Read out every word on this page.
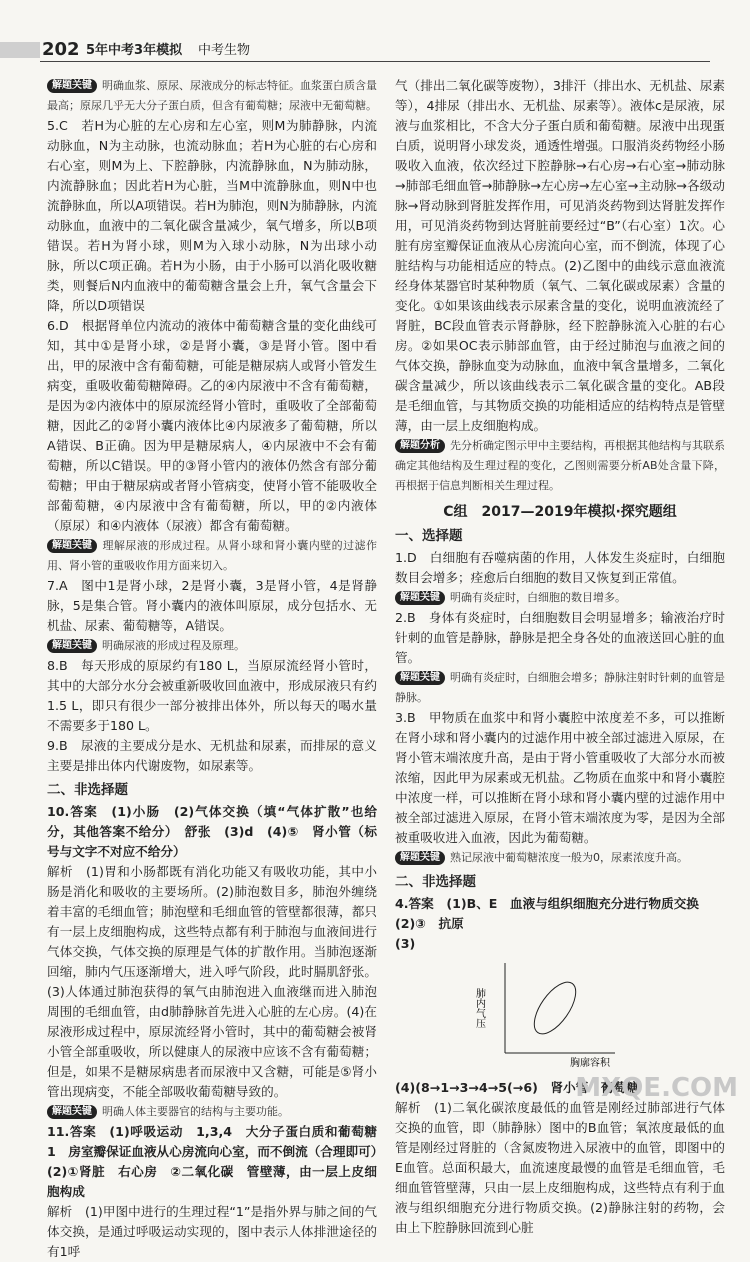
202 5年中考3年模拟 中考生物

解题关键 明确血浆、原尿、尿液成分的标志特征。血浆蛋白质含量最高；原尿几乎无大分子蛋白质，但含有葡萄糖；尿液中无葡萄糖。

5.C　若H为心脏的左心房和左心室，则M为肺静脉，内流动脉血，N为主动脉，也流动脉血；若H为心脏的右心房和右心室，则M为上、下腔静脉，内流静脉血，N为肺动脉，内流静脉血；因此若H为心脏，当M中流静脉血，则N中也流静脉血，所以A项错误。若H为肺泡，则N为肺静脉，内流动脉血，血液中的二氧化碳含量减少，氧气增多，所以B项错误。若H为肾小球，则M为入球小动脉，N为出球小动脉，所以C项正确。若H为小肠，由于小肠可以消化吸收糖类，则餐后N内血液中的葡萄糖含量会上升，氧气含量会下降，所以D项错误

6.D　根据肾单位内流动的液体中葡萄糖含量的变化曲线可知，其中①是肾小球，②是肾小囊，③是肾小管。图中看出，甲的尿液中含有葡萄糖，可能是糖尿病人或肾小管发生病变，重吸收葡萄糖障碍。乙的④内尿液中不含有葡萄糖，是因为②内液体中的原尿流经肾小管时，重吸收了全部葡萄糖，因此乙的②肾小囊内液体比④内尿液多了葡萄糖，所以A错误、B正确。因为甲是糖尿病人，④内尿液中不会有葡萄糖，所以C错误。甲的③肾小管内的液体仍然含有部分葡萄糖；甲由于糖尿病或者肾小管病变，使肾小管不能吸收全部葡萄糖，④内尿液中含有葡萄糖，所以，甲的②内液体（原尿）和④内液体（尿液）都含有葡萄糖。

解题关键 理解尿液的形成过程。从肾小球和肾小囊内壁的过滤作用、肾小管的重吸收作用方面来切入。

7.A　图中1是肾小球，2是肾小囊，3是肾小管，4是肾静脉，5是集合管。肾小囊内的液体叫原尿，成分包括水、无机盐、尿素、葡萄糖等，A错误。

解题关键 明确尿液的形成过程及原理。

8.B　每天形成的原尿约有180 L，当原尿流经肾小管时，其中的大部分水分会被重新吸收回血液中，形成尿液只有约1.5 L，即只有很少一部分被排出体外，所以每天的喝水量不需要多于180 L。

9.B　尿液的主要成分是水、无机盐和尿素，而排尿的意义主要是排出体内代谢废物，如尿素等。

二、非选择题

10.答案　(1)小肠　(2)气体交换（填“气体扩散”也给分，其他答案不给分）　舒张　(3)d　(4)⑤　肾小管（标号与文字不对应不给分）

解析　(1)胃和小肠都既有消化功能又有吸收功能，其中小肠是消化和吸收的主要场所。(2)肺泡数目多，肺泡外缠绕着丰富的毛细血管；肺泡壁和毛细血管的管壁都很薄，都只有一层上皮细胞构成，这些特点都有利于肺泡与血液间进行气体交换，气体交换的原理是气体的扩散作用。当肺泡逐渐回缩，肺内气压逐渐增大，进入呼气阶段，此时膈肌舒张。(3)人体通过肺泡获得的氧气由肺泡进入血液继而进入肺泡周围的毛细血管，由d肺静脉首先进入心脏的左心房。(4)在尿液形成过程中，原尿流经肾小管时，其中的葡萄糖会被肾小管全部重吸收，所以健康人的尿液中应该不含有葡萄糖；但是，如果不是糖尿病患者而尿液中又含糖，可能是⑤肾小管出现病变，不能全部吸收葡萄糖导致的。

解题关键 明确人体主要器官的结构与主要功能。

11.答案　(1)呼吸运动　1,3,4　大分子蛋白质和葡萄糖　1　房室瓣保证血液从心房流向心室，而不倒流（合理即可）　(2)①肾脏　右心房　②二氧化碳　管壁薄，由一层上皮细胞构成

解析　(1)甲图中进行的生理过程“1”是指外界与肺之间的气体交换，是通过呼吸运动实现的，图中表示人体排泄途径的有1呼

气（排出二氧化碳等废物），3排汗（排出水、无机盐、尿素等），4排尿（排出水、无机盐、尿素等）。液体c是尿液，尿液与血浆相比，不含大分子蛋白质和葡萄糖。尿液中出现蛋白质，说明肾小球发炎，通透性增强。口服消炎药物经小肠吸收入血液，依次经过下腔静脉→右心房→右心室→肺动脉→肺部毛细血管→肺静脉→左心房→左心室→主动脉→各级动脉→肾动脉到肾脏发挥作用，可见消炎药物到达肾脏发挥作用，可见消炎药物到达肾脏前要经过“B”（右心室）1次。心脏有房室瓣保证血液从心房流向心室，而不倒流，体现了心脏结构与功能相适应的特点。(2)乙图中的曲线示意血液流经身体某器官时某种物质（氧气、二氧化碳或尿素）含量的变化。①如果该曲线表示尿素含量的变化，说明血液流经了肾脏，BC段血管表示肾静脉，经下腔静脉流入心脏的右心房。②如果OC表示肺部血管，由于经过肺泡与血液之间的气体交换，静脉血变为动脉血，血液中氧含量增多，二氧化碳含量减少，所以该曲线表示二氧化碳含量的变化。AB段是毛细血管，与其物质交换的功能相适应的结构特点是管壁薄，由一层上皮细胞构成。

解题分析 先分析确定图示甲中主要结构，再根据其他结构与其联系确定其他结构及生理过程的变化，乙图则需要分析AB处含量下降，再根据于信息判断相关生理过程。

C组　2017—2019年模拟·探究题组

一、选择题

1.D　白细胞有吞噬病菌的作用，人体发生炎症时，白细胞数目会增多；痊愈后白细胞的数目又恢复到正常值。

解题关键 明确有炎症时，白细胞的数目增多。

2.B　身体有炎症时，白细胞数目会明显增多；输液治疗时针刺的血管是静脉，静脉是把全身各处的血液送回心脏的血管。

解题关键 明确有炎症时，白细胞会增多；静脉注射时针刺的血管是静脉。

3.B　甲物质在血浆中和肾小囊腔中浓度差不多，可以推断在肾小球和肾小囊内的过滤作用中被全部过滤进入原尿，在肾小管末端浓度升高，是由于肾小管重吸收了大部分水而被浓缩，因此甲为尿素或无机盐。乙物质在血浆中和肾小囊腔中浓度一样，可以推断在肾小球和肾小囊内壁的过滤作用中被全部过滤进入原尿，在肾小管末端浓度为零，是因为全部被重吸收进入血液，因此为葡萄糖。

解题关键 熟记尿液中葡萄糖浓度一般为0，尿素浓度升高。

二、非选择题

4.答案　(1)B、E　血液与组织细胞充分进行物质交换

(2)③　抗原

(3)

肺内气压
胸廓容积

(4)(8→1→3→4→5(→6)　肾小管　葡萄糖

解析　(1)二氧化碳浓度最低的血管是刚经过肺部进行气体交换的血管，即（肺静脉）图中的B血管；氧浓度最低的血管是刚经过肾脏的（含氮废物进入尿液中的血管，即图中的E血管。总面积最大，血流速度最慢的血管是毛细血管，毛细血管管壁薄，只由一层上皮细胞构成，这些特点有利于血液与组织细胞充分进行物质交换。(2)静脉注射的药物，会由上下腔静脉回流到心脏

MXQE.COM
